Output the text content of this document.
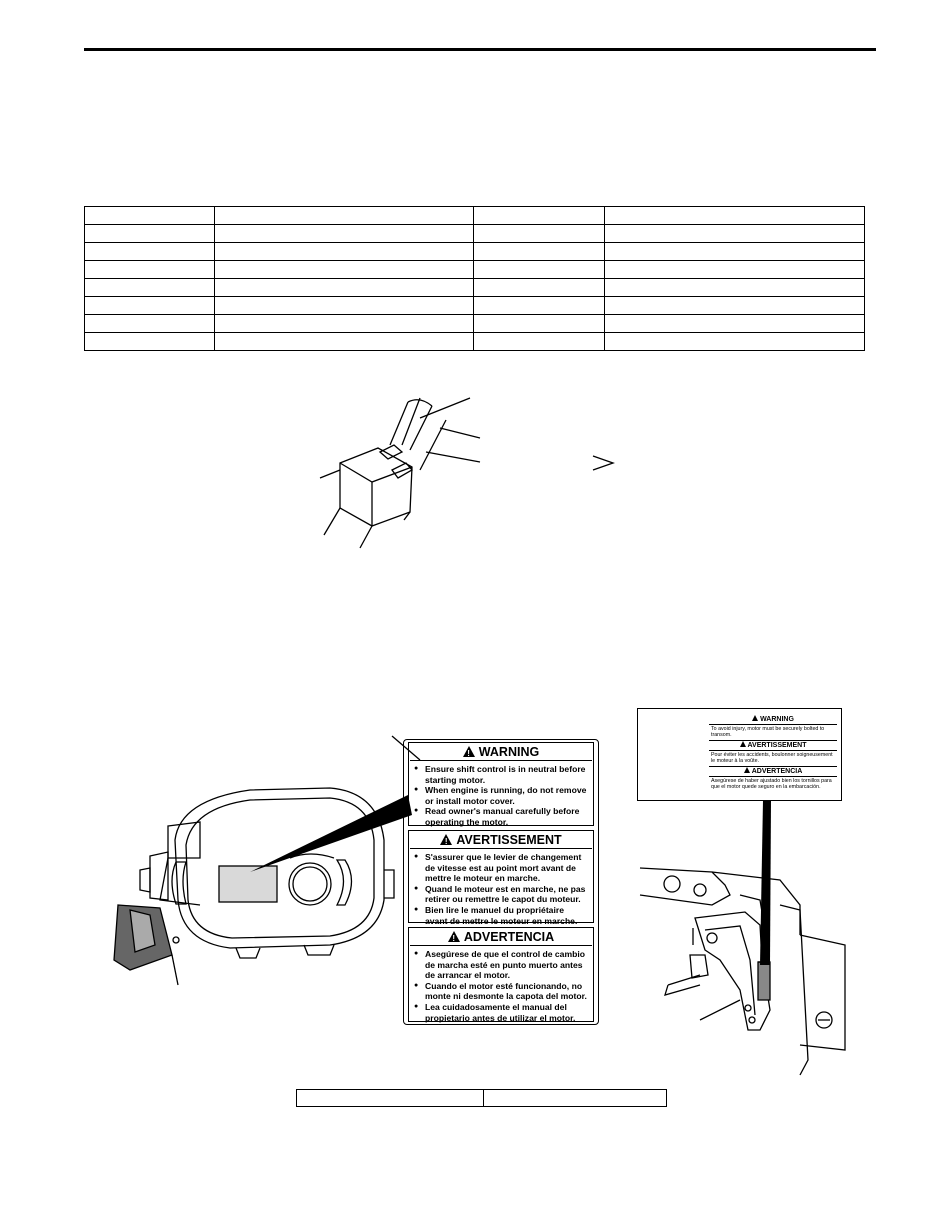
!WARNING
● Ensure shift control is in neutral before starting motor.
● When engine is running, do not remove or install motor cover.
● Read owner's manual carefully before operating the motor.
!AVERTISSEMENT
● S'assurer que le levier de changement de vitesse est au point mort avant de mettre le moteur en marche.
● Quand le moteur est en marche, ne pas retirer ou remettre le capot du moteur.
● Bien lire le manuel du propriétaire avant de mettre le moteur en marche.
!ADVERTENCIA
● Asegúrese de que el control de cambio de marcha esté en punto muerto antes de arrancar el motor.
● Cuando el motor esté funcionando, no monte ni desmonte la capota del motor.
● Lea cuidadosamente el manual del propietario antes de utilizar el motor.
WARNING
To avoid injury, motor must be securely bolted to transom.
AVERTISSEMENT
Pour éviter les accidents, boulonner soigneusement le moteur à la voûte.
ADVERTENCIA
Asegúrese de haber ajustado bien los tornillos para que el motor quede seguro en la embarcación.
